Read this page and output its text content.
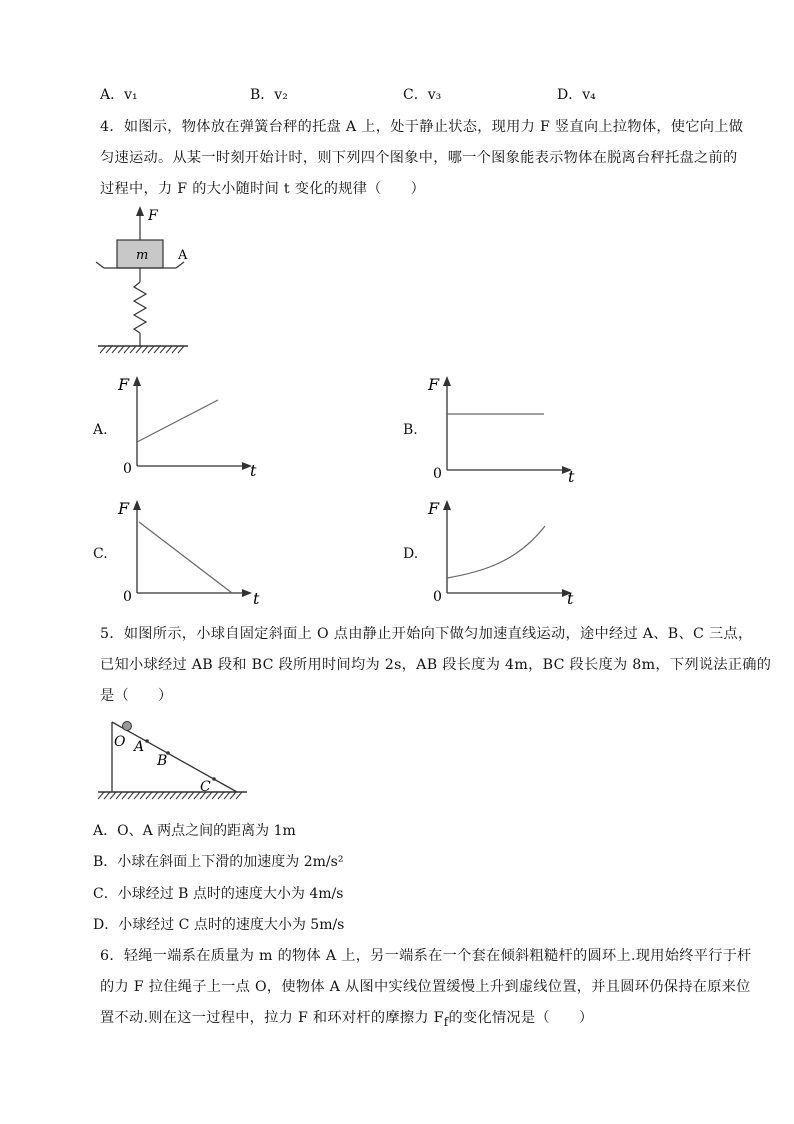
A．v₁	B．v₂	C．v₃	D．v₄
4．如图示，物体放在弹簧台秤的托盘 A 上，处于静止状态，现用力 F 竖直向上拉物体，使它向上做
匀速运动。从某一时刻开始计时，则下列四个图象中，哪一个图象能表示物体在脱离台秤托盘之前的
过程中，力 F 的大小随时间 t 变化的规律（　　）
F
m A
A.
F
t
0
B.
F
t
0
C.
F
t
0
D.
F
t
0
5．如图所示，小球自固定斜面上 O 点由静止开始向下做匀加速直线运动，途中经过 A、B、C 三点，
已知小球经过 AB 段和 BC 段所用时间均为 2s，AB 段长度为 4m，BC 段长度为 8m，下列说法正确的
是（　　）
O A
B
C
A．O、A 两点之间的距离为 1m
B．小球在斜面上下滑的加速度为 2m/s²
C．小球经过 B 点时的速度大小为 4m/s
D．小球经过 C 点时的速度大小为 5m/s
6．轻绳一端系在质量为 m 的物体 A 上，另一端系在一个套在倾斜粗糙杆的圆环上.现用始终平行于杆
的力 F 拉住绳子上一点 O，使物体 A 从图中实线位置缓慢上升到虚线位置，并且圆环仍保持在原来位
置不动.则在这一过程中，拉力 F 和环对杆的摩擦力 $F_f$的变化情况是（　　）
